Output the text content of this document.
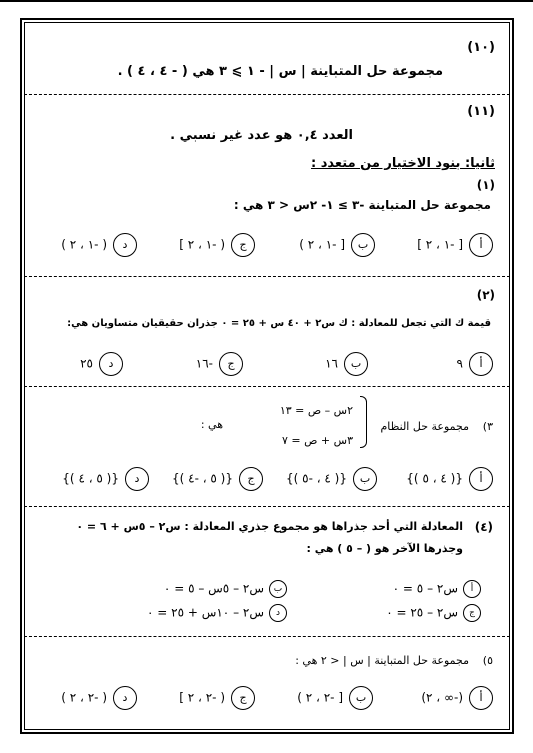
(١٠)
مجموعة حل المتباينة | س | - ١ ⩾ ٣ هي ( - ٤ ، ٤ ) .
(١١)
العدد ٠,٤ هو عدد غير نسبي .
ثانيا: بنود الاختيار من متعدد :
(١)
مجموعة حل المتباينة -٣ ≥ ١- ٢س < ٣ هي :
أ[ -١ ، ٢ ]
ب[ -١ ، ٢ )
ج( -١ ، ٢ ]
د( -١ ، ٢ )
(٢)
قيمة ك التي تجعل للمعادلة : ك س٢ + ٤٠ س + ٢٥ = ٠ جذران حقيقيان متساويان هي:
أ٩
ب١٦
ج-١٦
د٢٥
٣)
مجموعة حل النظام
٢س – ص = ١٣
٣س + ص = ٧
هي :
أ{( ٤ ، ٥ )}
ب{( ٤ ، -٥ )}
ج{( ٥ ، -٤ )}
د{( ٥ ، ٤ )}
(٤)
المعادلة التي أحد جذراها هو مجموع جذري المعادلة : س٢ – ٥س + ٦ = ٠
وجذرها الآخر هو ( – ٥ ) هي :
أس٢ – ٥ = ٠
بس٢ – ٥س – ٥ = ٠
جس٢ – ٢٥ = ٠
دس٢ – ١٠س + ٢٥ = ٠
٥)
مجموعة حل المتباينة | س | < ٢ هي :
أ(-∞ ، ٢)
ب[ -٢ ، ٢ )
ج( -٢ ، ٢ ]
د( -٢ ، ٢ )
